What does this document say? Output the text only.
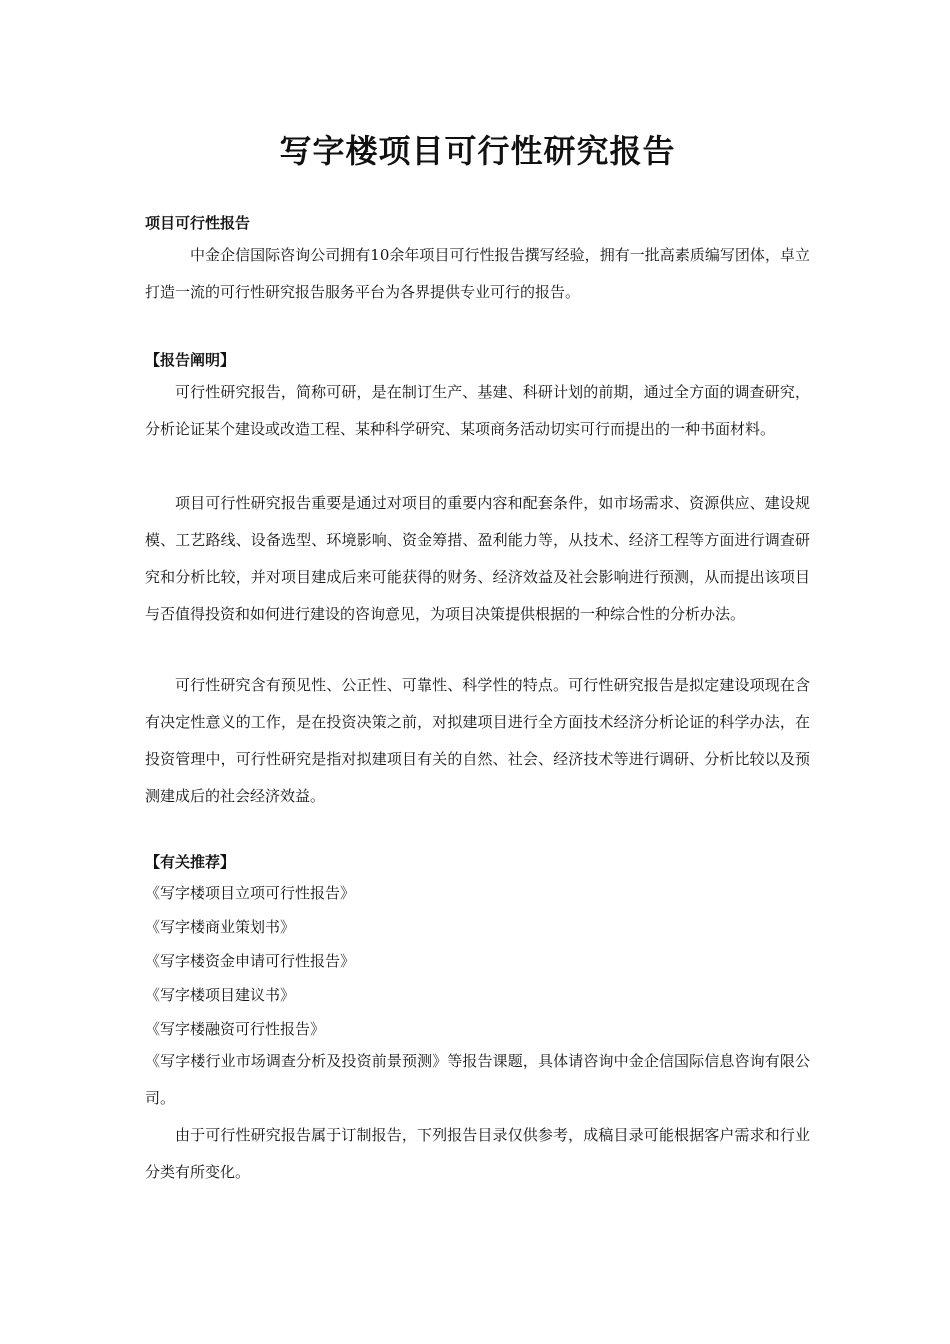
写字楼项目可行性研究报告
项目可行性报告

中金企信国际咨询公司拥有10余年项目可行性报告撰写经验，拥有一批高素质编写团体，卓立打造一流的可行性研究报告服务平台为各界提供专业可行的报告。

【报告阐明】

可行性研究报告，简称可研，是在制订生产、基建、科研计划的前期，通过全方面的调查研究，分析论证某个建设或改造工程、某种科学研究、某项商务活动切实可行而提出的一种书面材料。

项目可行性研究报告重要是通过对项目的重要内容和配套条件，如市场需求、资源供应、建设规模、工艺路线、设备选型、环境影响、资金筹措、盈利能力等，从技术、经济工程等方面进行调查研究和分析比较，并对项目建成后来可能获得的财务、经济效益及社会影响进行预测，从而提出该项目与否值得投资和如何进行建设的咨询意见，为项目决策提供根据的一种综合性的分析办法。

可行性研究含有预见性、公正性、可靠性、科学性的特点。可行性研究报告是拟定建设项现在含有决定性意义的工作，是在投资决策之前，对拟建项目进行全方面技术经济分析论证的科学办法，在投资管理中，可行性研究是指对拟建项目有关的自然、社会、经济技术等进行调研、分析比较以及预测建成后的社会经济效益。

【有关推荐】
《写字楼项目立项可行性报告》
《写字楼商业策划书》
《写字楼资金申请可行性报告》
《写字楼项目建议书》
《写字楼融资可行性报告》

《写字楼行业市场调查分析及投资前景预测》等报告课题，具体请咨询中金企信国际信息咨询有限公司。

由于可行性研究报告属于订制报告，下列报告目录仅供参考，成稿目录可能根据客户需求和行业分类有所变化。
